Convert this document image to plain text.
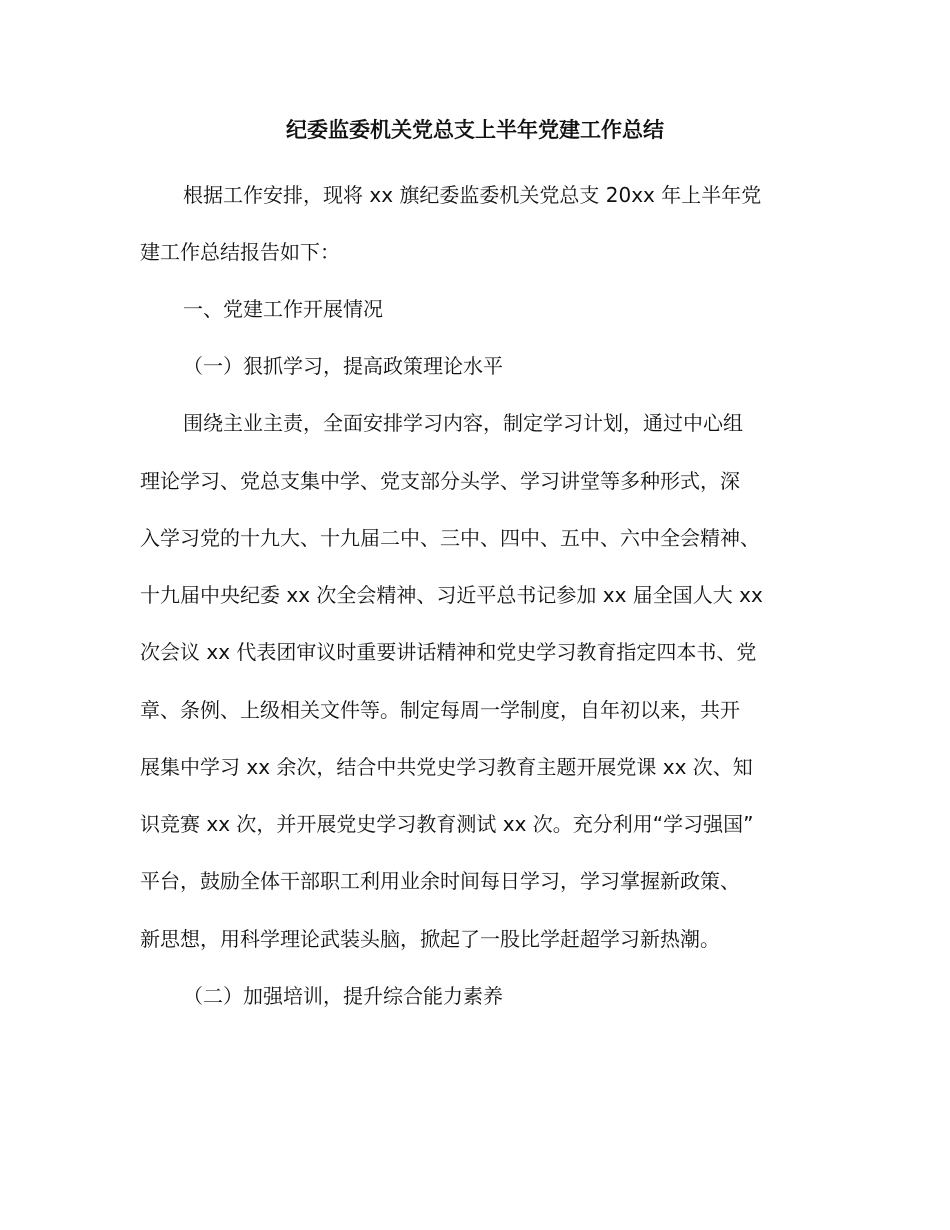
纪委监委机关党总支上半年党建工作总结
根据工作安排，现将 xx 旗纪委监委机关党总支 20xx 年上半年党
建工作总结报告如下：
一、党建工作开展情况
（一）狠抓学习，提高政策理论水平
围绕主业主责，全面安排学习内容，制定学习计划，通过中心组
理论学习、党总支集中学、党支部分头学、学习讲堂等多种形式，深
入学习党的十九大、十九届二中、三中、四中、五中、六中全会精神、
十九届中央纪委 xx 次全会精神、习近平总书记参加 xx 届全国人大 xx
次会议 xx 代表团审议时重要讲话精神和党史学习教育指定四本书、党
章、条例、上级相关文件等。制定每周一学制度，自年初以来，共开
展集中学习 xx 余次，结合中共党史学习教育主题开展党课 xx 次、知
识竞赛 xx 次，并开展党史学习教育测试 xx 次。充分利用“学习强国”
平台，鼓励全体干部职工利用业余时间每日学习，学习掌握新政策、
新思想，用科学理论武装头脑，掀起了一股比学赶超学习新热潮。
（二）加强培训，提升综合能力素养
